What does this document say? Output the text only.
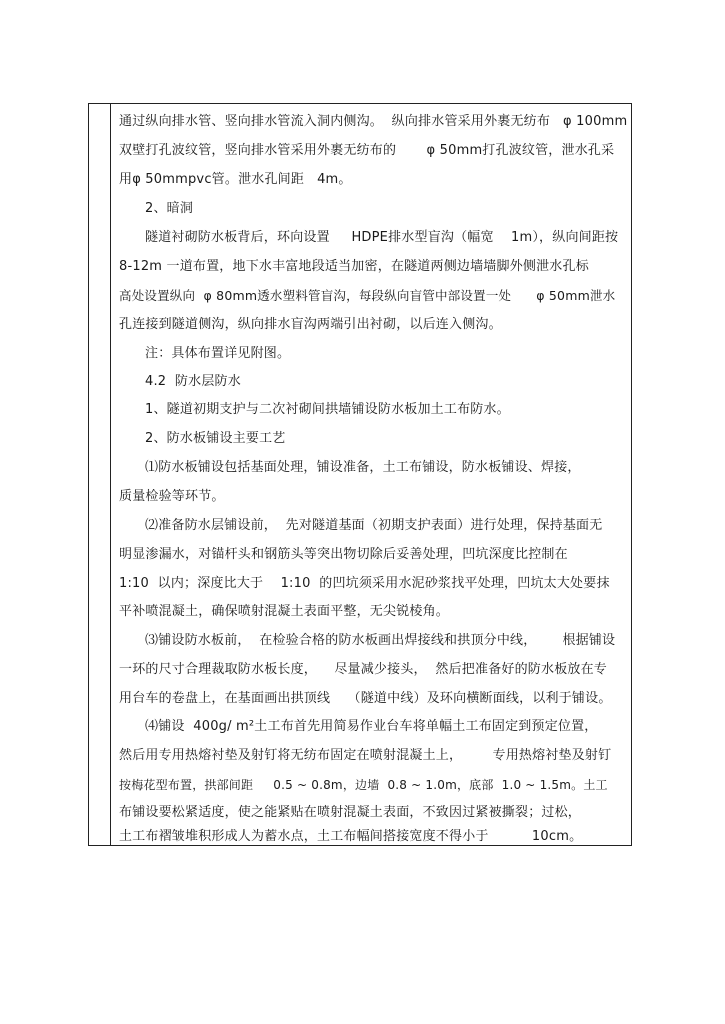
通过纵向排水管、竖向排水管流入洞内侧沟。  纵向排水管采用外裹无纺布   φ 100mm
双壁打孔波纹管，竖向排水管采用外裹无纺布的       φ 50mm打孔波纹管，泄水孔采
用φ 50mmpvc管。泄水孔间距   4m。
2、暗洞
隧道衬砌防水板背后，环向设置     HDPE排水型盲沟（幅宽    1m），纵向间距按
8-12m 一道布置，地下水丰富地段适当加密，在隧道两侧边墙墙脚外侧泄水孔标
高处设置纵向  φ 80mm透水塑料管盲沟，每段纵向盲管中部设置一处      φ 50mm泄水
孔连接到隧道侧沟，纵向排水盲沟两端引出衬砌，以后连入侧沟。
注：具体布置详见附图。
4.2  防水层防水
1、隧道初期支护与二次衬砌间拱墙铺设防水板加土工布防水。
2、防水板铺设主要工艺
⑴防水板铺设包括基面处理，铺设准备，土工布铺设，防水板铺设、焊接，
质量检验等环节。
⑵准备防水层铺设前，  先对隧道基面（初期支护表面）进行处理，保持基面无
明显渗漏水，对锚杆头和钢筋头等突出物切除后妥善处理，凹坑深度比控制在
1:10  以内；深度比大于    1:10  的凹坑须采用水泥砂浆找平处理，凹坑太大处要抹
平补喷混凝土，确保喷射混凝土表面平整，无尖锐棱角。
⑶铺设防水板前，  在检验合格的防水板画出焊接线和拱顶分中线，      根据铺设
一环的尺寸合理裁取防水板长度，    尽量减少接头，  然后把准备好的防水板放在专
用台车的卷盘上，在基面画出拱顶线    （隧道中线）及环向横断面线，以利于铺设。
⑷铺设  400g/ m²土工布首先用简易作业台车将单幅土工布固定到预定位置，
然后用专用热熔衬垫及射钉将无纺布固定在喷射混凝土上，       专用热熔衬垫及射钉
按梅花型布置，拱部间距     0.5 ~ 0.8m，边墙  0.8 ~ 1.0m，底部  1.0 ~ 1.5m。土工
布铺设要松紧适度，使之能紧贴在喷射混凝土表面，不致因过紧被撕裂；过松，
土工布褶皱堆积形成人为蓄水点，土工布幅间搭接宽度不得小于          10cm。
